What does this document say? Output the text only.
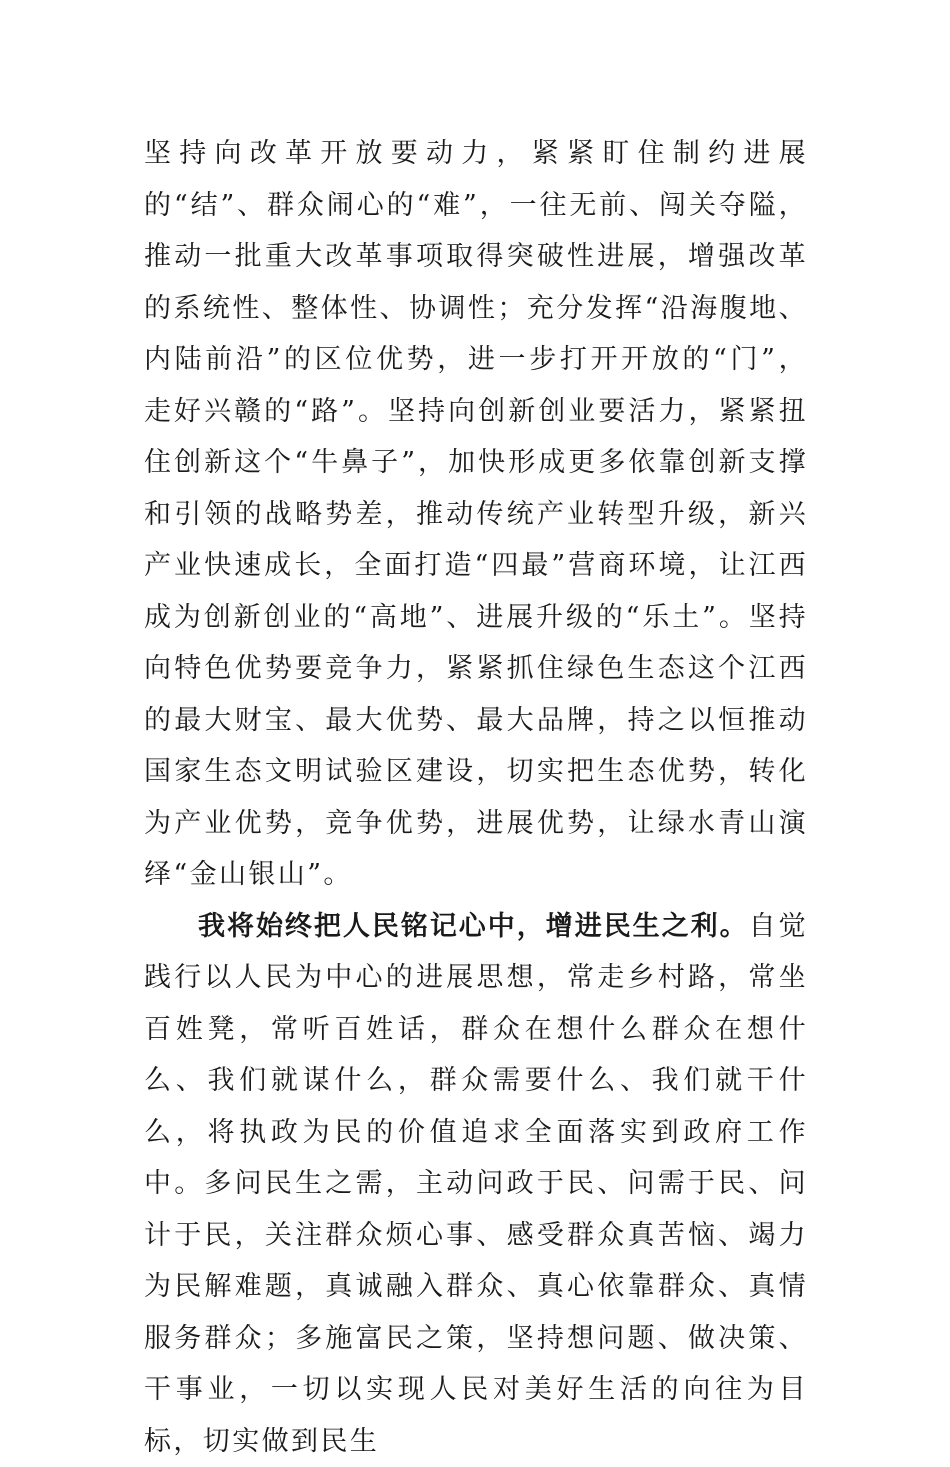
坚持向改革开放要动力，紧紧盯住制约进展的“结”、群众闹心的“难”，一往无前、闯关夺隘，推动一批重大改革事项取得突破性进展，增强改革的系统性、整体性、协调性；充分发挥“沿海腹地、内陆前沿”的区位优势，进一步打开开放的“门”，走好兴赣的“路”。坚持向创新创业要活力，紧紧扭住创新这个“牛鼻子”，加快形成更多依靠创新支撑和引领的战略势差，推动传统产业转型升级，新兴产业快速成长，全面打造“四最”营商环境，让江西成为创新创业的“高地”、进展升级的“乐土”。坚持向特色优势要竞争力，紧紧抓住绿色生态这个江西的最大财宝、最大优势、最大品牌，持之以恒推动国家生态文明试验区建设，切实把生态优势，转化为产业优势，竞争优势，进展优势，让绿水青山演绎“金山银山”。

我将始终把人民铭记心中，增进民生之利。自觉践行以人民为中心的进展思想，常走乡村路，常坐百姓凳，常听百姓话，群众在想什么群众在想什么、我们就谋什么，群众需要什么、我们就干什么，将执政为民的价值追求全面落实到政府工作中。多问民生之需，主动问政于民、问需于民、问计于民，关注群众烦心事、感受群众真苦恼、竭力为民解难题，真诚融入群众、真心依靠群众、真情服务群众；多施富民之策，坚持想问题、做决策、干事业，一切以实现人民对美好生活的向往为目标，切实做到民生
